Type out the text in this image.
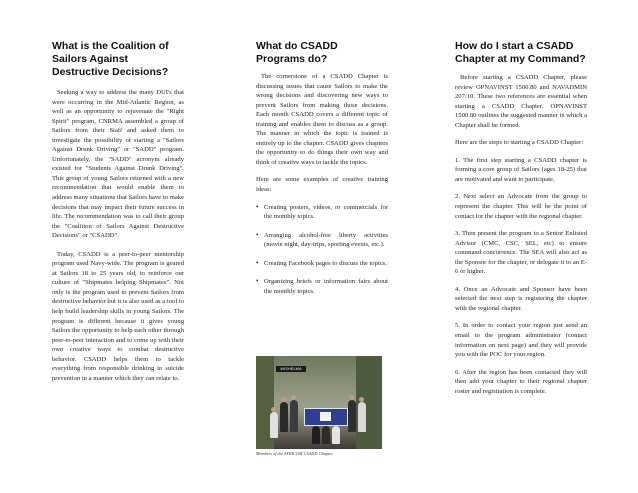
What is the Coalition of Sailors Against Destructive Decisions?

Seeking a way to address the many DUI's that were occurring in the Mid-Atlantic Region, as well as an opportunity to rejuvenate the "Right Spirit" program, CNRMA assembled a group of Sailors from their Staff and asked them to investigate the possibility of starting a "Sailors Against Drunk Driving" or "SADD" program. Unfortunately, the "SADD" acronym already existed for "Students Against Drunk Driving". This group of young Sailors returned with a new recommendation that would enable them to address many situations that Sailors have to make decisions that may impact their future success in life. The recommendation was to call their group the "Coalition of Sailors Against Destructive Decisions" or "CSADD".

Today, CSADD is a peer-to-peer mentorship program used Navy-wide. The program is geared at Sailors 18 to 25 years old, to reinforce our culture of "Shipmates helping Shipmates". Not only is the program used to prevent Sailors from destructive behavior but it is also used as a tool to help build leadership skills in young Sailors. The program is different because it gives young Sailors the opportunity to help each other through peer-to-peer interaction and to come up with their own creative ways to combat destructive behavior. CSADD helps them to tackle everything from responsible drinking to suicide prevention in a manner which they can relate to.

What do CSADD Programs do?

The cornerstone of a CSADD Chapter is discussing issues that cause Sailors to make the wrong decisions and discovering new ways to prevent Sailors from making those decisions. Each month CSADD covers a different topic of training and enables them to discuss as a group. The manner in which the topic is trained is entirely up to the chapter. CSADD gives chapters the opportunity to do things their own way and think of creative ways to tackle the topics.

Here are some examples of creative training ideas:

• Creating posters, videos, or commercials for the monthly topics.
• Arranging alcohol-free liberty activities (movie night, day-trips, sporting events, etc.).
• Creating Facebook pages to discuss the topics.
• Organizing briefs or information fairs about the monthly topics.
WISHELMA
Members of the AFRICOM CSADD Chapter
How do I start a CSADD Chapter at my Command?

Before starting a CSADD Chapter, please review OPNAVINST 1500.80 and NAVADMIN 207/10. These two references are essential when starting a CSADD Chapter. OPNAVINST 1500.80 outlines the suggested manner in which a Chapter shall be formed.

Here are the steps to starting a CSADD Chapter:

1. The first step starting a CSADD chapter is forming a core group of Sailors (ages 18-25) that are motivated and want to participate.

2. Next select an Advocate from the group to represent the chapter. This will be the point of contact for the chapter with the regional chapter.

3. Then present the program to a Senior Enlisted Advisor (CMC, CSC, SEL, etc) to ensure command concurrence. The SEA will also act as the Sponsor for the chapter, or delegate it to an E-6 or higher.

4. Once an Advocate and Sponsor have been selected the next step is registering the chapter with the regional chapter.

5. In order to contact your region just send an email to the program administrator (contact information on next page) and they will provide you with the POC for your region.

6. After the region has been contacted they will then add your chapter to their regional chapter roster and registration is complete.
